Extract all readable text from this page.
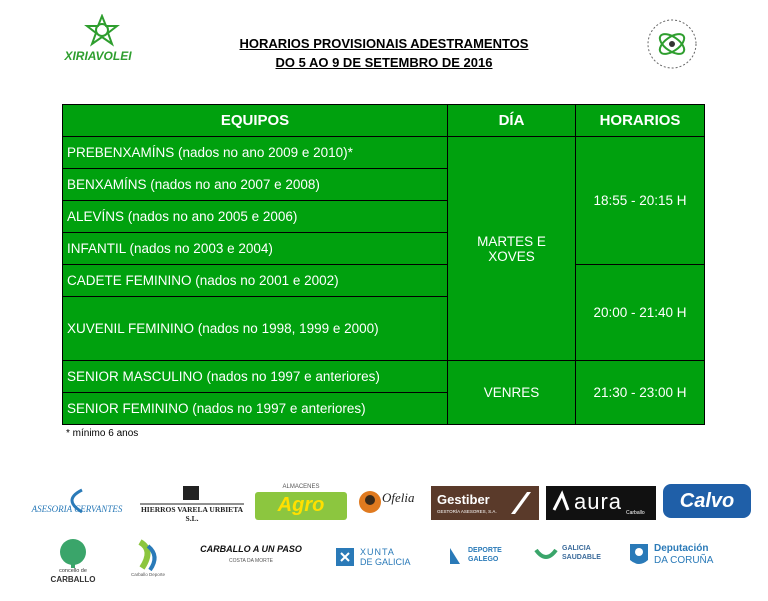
XIRIAVOLEI
HORARIOS PROVISIONAIS ADESTRAMENTOS
DO 5 AO 9 DE SETEMBRO DE 2016
EQUIPOS	DÍA	HORARIOS
PREBENXAMÍNS (nados no ano 2009 e 2010)*	MARTES E XOVES	18:55 - 20:15 H
BENXAMÍNS (nados no ano 2007 e 2008)		
ALEVÍNS (nados no ano 2005 e 2006)		
INFANTIL (nados no 2003 e 2004)		
CADETE FEMININO (nados no 2001 e 2002)		20:00 - 21:40 H
XUVENIL FEMININO (nados no 1998, 1999 e 2000)		
SENIOR MASCULINO (nados no 1997 e anteriores)	VENRES	21:30 - 23:00 H
SENIOR FEMININO (nados no 1997 e anteriores)		
* mínimo 6 anos
ASESORIA CERVANTES	HIERROS VARELA URBIETA S.L.
ALMACENES
Agro	Ofelia Gestiber
GESTORÍA ASESORES, S.A.	aura Carballo
Calvo
concello de
CARBALLO
Carballo Deporte
CARBALLO A UN PASO
COSTA DA MORTE
XUNTA
DE GALICIA
DEPORTE
GALEGO
GALICIA
SAUDABLE
Deputación
DA CORUÑA
